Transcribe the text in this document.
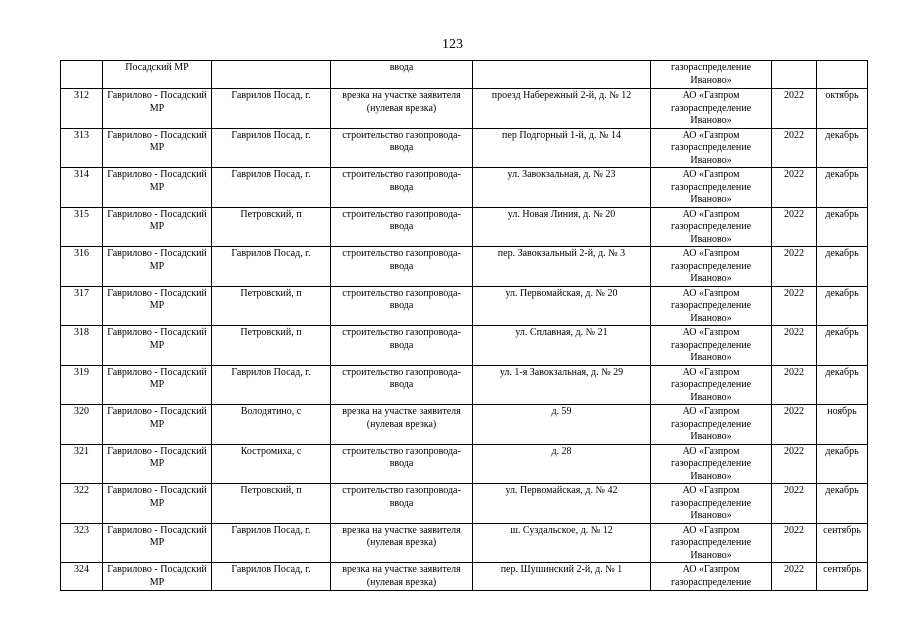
123
	Посадский МР		ввода		газораспределение Иваново»		
312	Гаврилово - Посадский МР	Гаврилов Посад, г.	врезка на участке заявителя (нулевая врезка)	проезд Набережный 2-й, д. № 12	АО «Газпром газораспределение Иваново»	2022	октябрь
313	Гаврилово - Посадский МР	Гаврилов Посад, г.	строительство газопровода-ввода	пер Подгорный 1-й, д. № 14	АО «Газпром газораспределение Иваново»	2022	декабрь
314	Гаврилово - Посадский МР	Гаврилов Посад, г.	строительство газопровода-ввода	ул. Завокзальная, д. № 23	АО «Газпром газораспределение Иваново»	2022	декабрь
315	Гаврилово - Посадский МР	Петровский, п	строительство газопровода-ввода	ул. Новая Линия, д. № 20	АО «Газпром газораспределение Иваново»	2022	декабрь
316	Гаврилово - Посадский МР	Гаврилов Посад, г.	строительство газопровода-ввода	пер. Завокзальный 2-й, д. № 3	АО «Газпром газораспределение Иваново»	2022	декабрь
317	Гаврилово - Посадский МР	Петровский, п	строительство газопровода-ввода	ул. Первомайская, д. № 20	АО «Газпром газораспределение Иваново»	2022	декабрь
318	Гаврилово - Посадский МР	Петровский, п	строительство газопровода-ввода	ул. Сплавная, д. № 21	АО «Газпром газораспределение Иваново»	2022	декабрь
319	Гаврилово - Посадский МР	Гаврилов Посад, г.	строительство газопровода-ввода	ул. 1-я Завокзальная, д. № 29	АО «Газпром газораспределение Иваново»	2022	декабрь
320	Гаврилово - Посадский МР	Володятино, с	врезка на участке заявителя (нулевая врезка)	д. 59	АО «Газпром газораспределение Иваново»	2022	ноябрь
321	Гаврилово - Посадский МР	Костромиха, с	строительство газопровода-ввода	д. 28	АО «Газпром газораспределение Иваново»	2022	декабрь
322	Гаврилово - Посадский МР	Петровский, п	строительство газопровода-ввода	ул. Первомайская, д. № 42	АО «Газпром газораспределение Иваново»	2022	декабрь
323	Гаврилово - Посадский МР	Гаврилов Посад, г.	врезка на участке заявителя (нулевая врезка)	ш. Суздальское, д. № 12	АО «Газпром газораспределение Иваново»	2022	сентябрь
324	Гаврилово - Посадский МР	Гаврилов Посад, г.	врезка на участке заявителя (нулевая врезка)	пер. Шушинский 2-й, д. № 1	АО «Газпром газораспределение	2022	сентябрь
